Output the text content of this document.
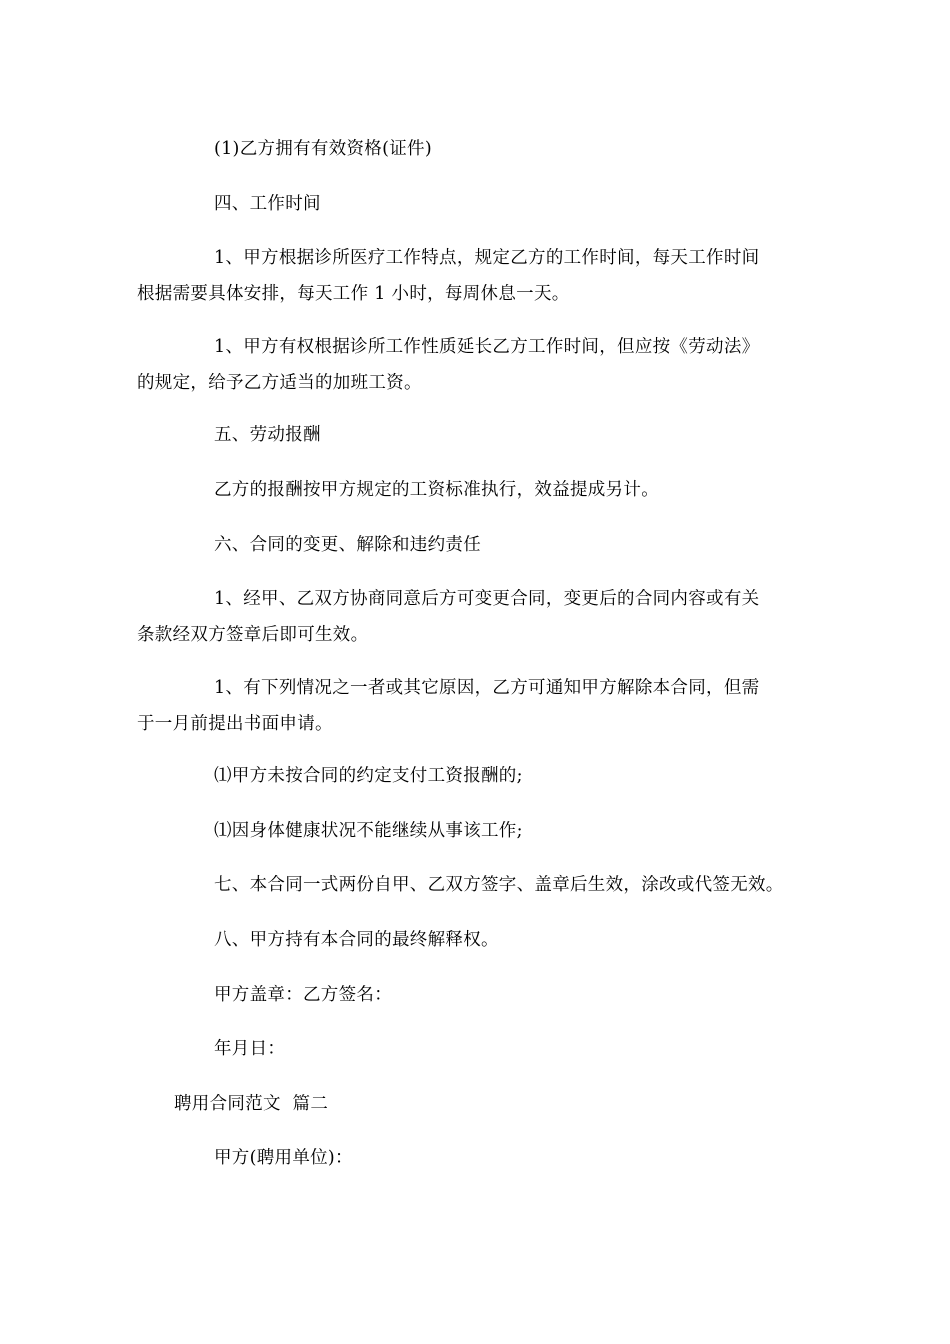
(1)乙方拥有有效资格(证件)
四、工作时间
1、甲方根据诊所医疗工作特点，规定乙方的工作时间，每天工作时间
根据需要具体安排，每天工作 1 小时，每周休息一天。
1、甲方有权根据诊所工作性质延长乙方工作时间，但应按《劳动法》
的规定，给予乙方适当的加班工资。
五、劳动报酬
乙方的报酬按甲方规定的工资标准执行，效益提成另计。
六、合同的变更、解除和违约责任
1、经甲、乙双方协商同意后方可变更合同，变更后的合同内容或有关
条款经双方签章后即可生效。
1、有下列情况之一者或其它原因，乙方可通知甲方解除本合同，但需
于一月前提出书面申请。
⑴甲方未按合同的约定支付工资报酬的;
⑴因身体健康状况不能继续从事该工作;
七、本合同一式两份自甲、乙双方签字、盖章后生效，涂改或代签无效。
八、甲方持有本合同的最终解释权。
甲方盖章：乙方签名：
年月日：
聘用合同范文  篇二
甲方(聘用单位)：
